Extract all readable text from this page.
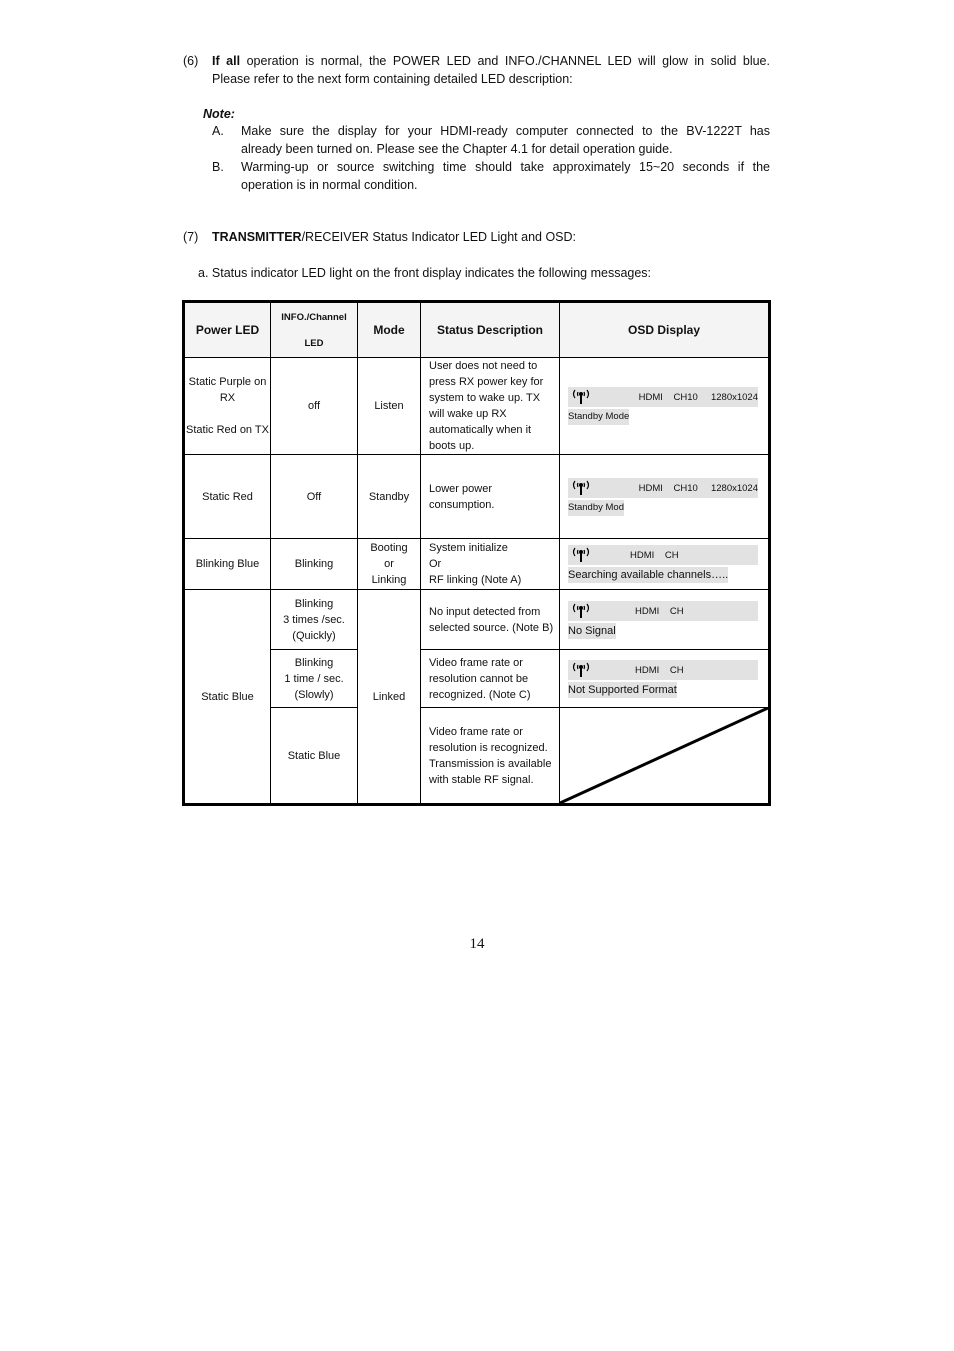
(6) If all operation is normal, the POWER LED and INFO./CHANNEL LED will glow in solid blue.
Please refer to the next form containing detailed LED description:
Note:
A. Make sure the display for your HDMI-ready computer connected to the BV-1222T has
already been turned on. Please see the Chapter 4.1 for detail operation guide.
B. Warming-up or source switching time should take approximately 15~20 seconds if the
operation is in normal condition.
(7) TRANSMITTER/RECEIVER Status Indicator LED Light and OSD:
a. Status indicator LED light on the front display indicates the following messages:
Power LED	INFO./Channel

LED	Mode	Status Description	OSD Display
Static Purple on RX

Static Red on TX	off	Listen	User does not need to press RX power key for system to wake up. TX will wake up RX automatically when it boots up.	HDMI    CH10     1280x1024
Standby Mode
Static Red	Off	Standby	Lower power consumption.	HDMI    CH10     1280x1024
Standby Mod
Blinking Blue	Blinking	Booting
or
Linking	System initialize
Or
RF linking (Note A)	HDMI    CH
Searching available channels…..
Static Blue	Blinking
3 times /sec.
(Quickly)	Linked	No input detected from selected source. (Note B)	HDMI    CH
No Signal
	Blinking
1 time / sec.
(Slowly)		Video frame rate or resolution cannot be recognized. (Note C)	HDMI    CH
Not Supported Format
	Static Blue		Video frame rate or resolution is recognized. Transmission is available with stable RF signal.	
14
